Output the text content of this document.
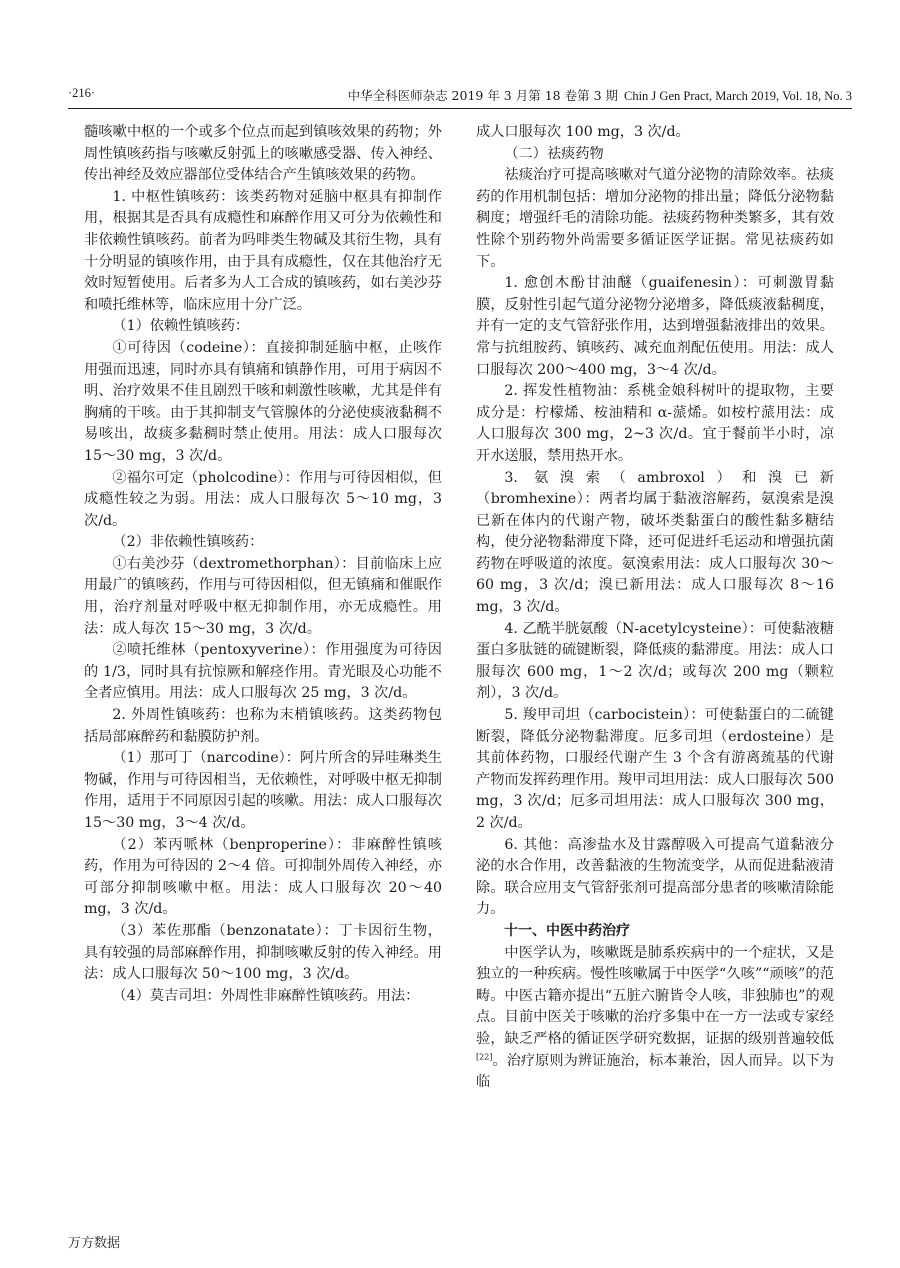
·216·	中华全科医师杂志 2019 年 3 月第 18 卷第 3 期 Chin J Gen Pract, March 2019, Vol. 18, No. 3

髓咳嗽中枢的一个或多个位点而起到镇咳效果的药物；外周性镇咳药指与咳嗽反射弧上的咳嗽感受器、传入神经、传出神经及效应器部位受体结合产生镇咳效果的药物。

1. 中枢性镇咳药：该类药物对延脑中枢具有抑制作用，根据其是否具有成瘾性和麻醉作用又可分为依赖性和非依赖性镇咳药。前者为吗啡类生物碱及其衍生物，具有十分明显的镇咳作用，由于具有成瘾性，仅在其他治疗无效时短暂使用。后者多为人工合成的镇咳药，如右美沙芬和喷托维林等，临床应用十分广泛。

（1）依赖性镇咳药：

①可待因（codeine）：直接抑制延脑中枢，止咳作用强而迅速，同时亦具有镇痛和镇静作用，可用于病因不明、治疗效果不佳且剧烈干咳和刺激性咳嗽，尤其是伴有胸痛的干咳。由于其抑制支气管腺体的分泌使痰液黏稠不易咳出，故痰多黏稠时禁止使用。用法：成人口服每次 15～30 mg，3 次/d。

②福尔可定（pholcodine）：作用与可待因相似，但成瘾性较之为弱。用法：成人口服每次 5～10 mg，3 次/d。

（2）非依赖性镇咳药：

①右美沙芬（dextromethorphan）：目前临床上应用最广的镇咳药，作用与可待因相似，但无镇痛和催眠作用，治疗剂量对呼吸中枢无抑制作用，亦无成瘾性。用法：成人每次 15～30 mg，3 次/d。

②喷托维林（pentoxyverine）：作用强度为可待因的 1/3，同时具有抗惊厥和解痉作用。青光眼及心功能不全者应慎用。用法：成人口服每次 25 mg，3 次/d。

2. 外周性镇咳药：也称为末梢镇咳药。这类药物包括局部麻醉药和黏膜防护剂。

（1）那可丁（narcodine）：阿片所含的异哇琳类生物碱，作用与可待因相当，无依赖性，对呼吸中枢无抑制作用，适用于不同原因引起的咳嗽。用法：成人口服每次 15～30 mg，3～4 次/d。

（2）苯丙哌林（benproperine）：非麻醉性镇咳药，作用为可待因的 2～4 倍。可抑制外周传入神经，亦可部分抑制咳嗽中枢。用法：成人口服每次 20～40 mg，3 次/d。

（3）苯佐那酯（benzonatate）：丁卡因衍生物，具有较强的局部麻醉作用，抑制咳嗽反射的传入神经。用法：成人口服每次 50～100 mg，3 次/d。

（4）莫吉司坦：外周性非麻醉性镇咳药。用法：

成人口服每次 100 mg，3 次/d。

（二）祛痰药物

祛痰治疗可提高咳嗽对气道分泌物的清除效率。祛痰药的作用机制包括：增加分泌物的排出量；降低分泌物黏稠度；增强纤毛的清除功能。祛痰药物种类繁多，其有效性除个别药物外尚需要多循证医学证据。常见祛痰药如下。

1. 愈创木酚甘油醚（guaifenesin）：可刺激胃黏膜，反射性引起气道分泌物分泌增多，降低痰液黏稠度，并有一定的支气管舒张作用，达到增强黏液排出的效果。常与抗组胺药、镇咳药、减充血剂配伍使用。用法：成人口服每次 200～400 mg，3～4 次/d。

2. 挥发性植物油：系桃金娘科树叶的提取物，主要成分是：柠檬烯、桉油精和 α-蒎烯。如桉柠蒎用法：成人口服每次 300 mg，2~3 次/d。宜于餐前半小时，凉开水送服，禁用热开水。

3. 氨溴索（ambroxol）和溴已新（bromhexine）：两者均属于黏液溶解药，氨溴索是溴已新在体内的代谢产物，破坏类黏蛋白的酸性黏多糖结构，使分泌物黏滞度下降，还可促进纤毛运动和增强抗菌药物在呼吸道的浓度。氨溴索用法：成人口服每次 30～60 mg，3 次/d；溴已新用法：成人口服每次 8～16 mg，3 次/d。

4. 乙酰半胱氨酸（N-acetylcysteine）：可使黏液糖蛋白多肽链的硫键断裂，降低痰的黏滞度。用法：成人口服每次 600 mg，1～2 次/d；或每次 200 mg（颗粒剂），3 次/d。

5. 羧甲司坦（carbocistein）：可使黏蛋白的二硫键断裂，降低分泌物黏滞度。厄多司坦（erdosteine）是其前体药物，口服经代谢产生 3 个含有游离巯基的代谢产物而发挥药理作用。羧甲司坦用法：成人口服每次 500 mg，3 次/d；厄多司坦用法：成人口服每次 300 mg，2 次/d。

6. 其他：高渗盐水及甘露醇吸入可提高气道黏液分泌的水合作用，改善黏液的生物流变学，从而促进黏液清除。联合应用支气管舒张剂可提高部分患者的咳嗽清除能力。

十一、中医中药治疗

中医学认为，咳嗽既是肺系疾病中的一个症状，又是独立的一种疾病。慢性咳嗽属于中医学“久咳”“顽咳”的范畴。中医古籍亦提出“五脏六腑皆令人咳，非独肺也”的观点。目前中医关于咳嗽的治疗多集中在一方一法或专家经验，缺乏严格的循证医学研究数据，证据的级别普遍较低[22]。治疗原则为辨证施治，标本兼治，因人而异。以下为临

万方数据
